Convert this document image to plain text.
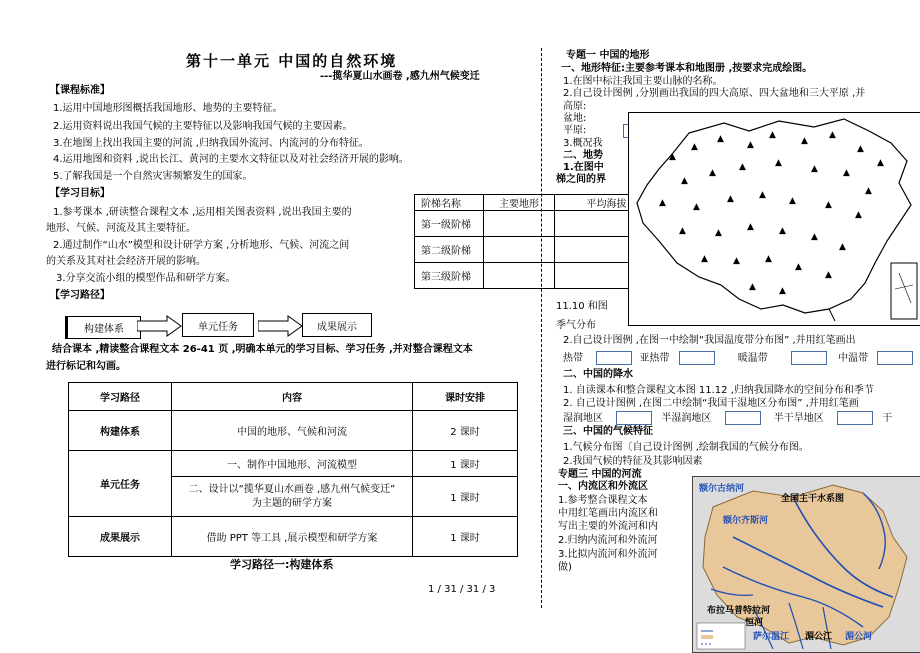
第十一单元 中国的自然环境
---揽华夏山水画卷 ,感九州气候变迁
【课程标准】
1.运用中国地形图概括我国地形、地势的主要特征。
2.运用资料说出我国气候的主要特征以及影响我国气候的主要因素。
3.在地图上找出我国主要的河流 ,归纳我国外流河、内流河的分布特征。
4.运用地图和资料 ,说出长江、黄河的主要水文特征以及对社会经济开展的影响。
5.了解我国是一个自然灾害频繁发生的国家。
【学习目标】
1.参考课本 ,研读整合课程文本 ,运用相关图表资料 ,说出我国主要的
地形、气候、河流及其主要特征。
2.通过制作“山水”模型和设计研学方案 ,分析地形、气候、河流之间
的关系及其对社会经济开展的影响。
3.分享交流小组的模型作品和研学方案。
【学习路径】
构建体系	单元任务	成果展示
结合课本 ,精读整合课程文本 26-41 页 ,明确本单元的学习目标、学习任务 ,并对整合课程文本
进行标记和勾画。
学习路径	内容	课时安排
构建体系	中国的地形、气候和河流	2 课时
单元任务	一、制作中国地形、河流模型	1 课时

	二、设计以“揽华夏山水画卷 ,感九州气候变迁”
为主题的研学方案	1 课时
成果展示	借助 PPT 等工具 ,展示模型和研学方案	1 课时
学习路径一:构建体系
1 / 31 / 31 / 3
阶梯名称	主要地形	平均海拔
第一级阶梯		
第二级阶梯		
第三级阶梯		
专题一 中国的地形
一、地形特征:主要参考课本和地图册 ,按要求完成绘图。
1.在图中标注我国主要山脉的名称。
2.自己设计图例 ,分别画出我国的四大高原、四大盆地和三大平原 ,并
高原:
盆地:
平原:
3.概况我
二、地势
1.在图中
梯之间的界
11.10 和图
季气分布
▲
▲
▲
▲
▲
▲
▲
▲
▲
▲
▲
▲	▲
▲	▲
▲
▲	▲
▲	▲
▲	▲
▲
▲	▲
▲	▲
▲
▲
▲	▲	▲
▲
▲
▲	▲
2.自己设计图例 ,在图一中绘制“我国温度带分布图” ,并用红笔画出
热带	亚热带	暖温带	中温带
二、中国的降水
1. 自读课本和整合课程文本图 11.12 ,归纳我国降水的空间分布和季节
2. 自己设计图例 ,在图二中绘制“我国干湿地区分布图” ,并用红笔画
湿润地区	半湿润地区	半干旱地区	干
三、中国的气候特征
1.气候分布图〔自己设计图例 ,绘制我国的气候分布图。
2.我国气候的特征及其影响因素
专题三 中国的河流
一、内流区和外流区
1.参考整合课程文本
中用红笔画出内流区和
写出主要的外流河和内
2.归纳内流河和外流河
3.比拟内流河和外流河
做)
全国主干水系图
额尔古纳河
额尔齐斯河
布拉马普特拉河
恒河
萨尔温江 湄公江 湄公河
